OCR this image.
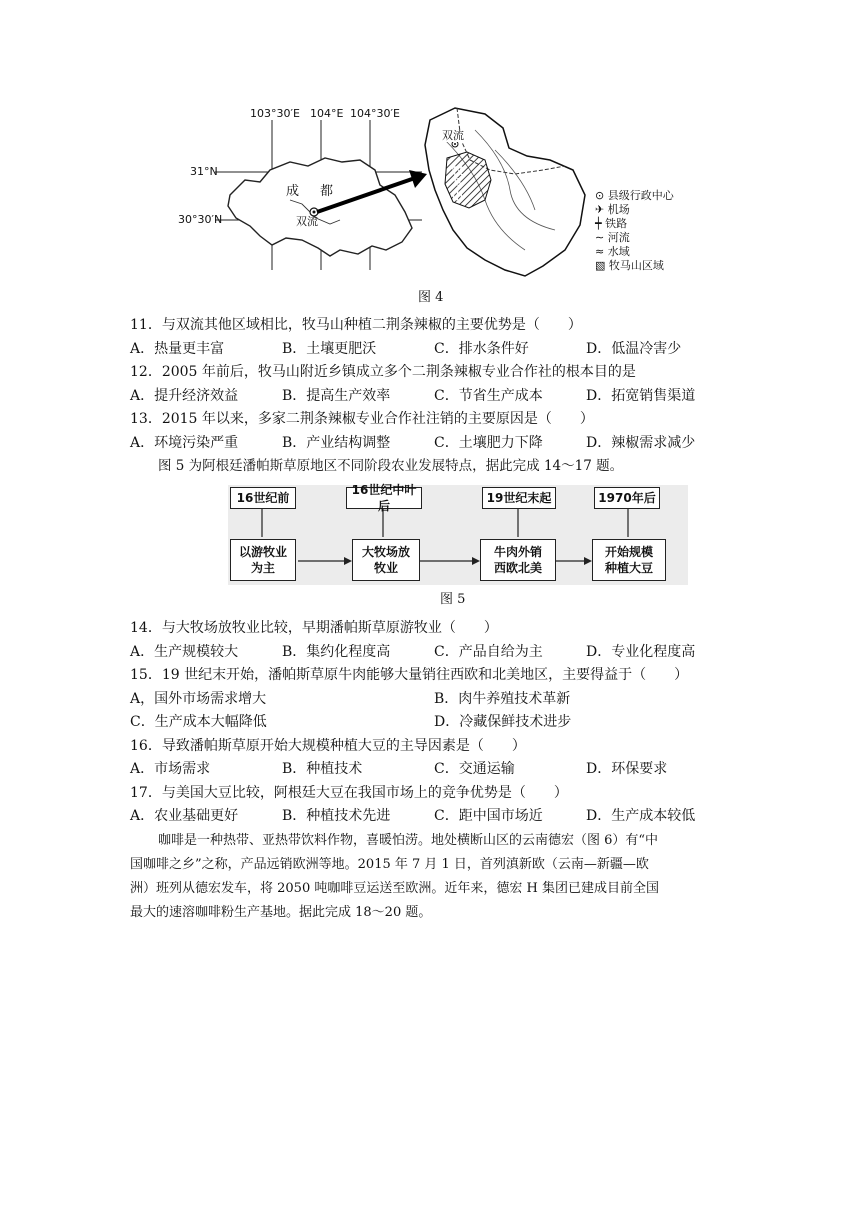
103°30′E 104°E 104°30′E
31°N
30°30′N
成 都
双流
双流
牧马山	⊙ 县级行政中心
✈ 机场
┿ 铁路
∼ 河流
≈ 水域
▧ 牧马山区域
图 4
11．与双流其他区域相比，牧马山种植二荆条辣椒的主要优势是（　　）
A．热量更丰富	B．土壤更肥沃	C．排水条件好	D．低温冷害少
12．2005 年前后，牧马山附近乡镇成立多个二荆条辣椒专业合作社的根本目的是
A．提升经济效益	B．提高生产效率	C．节省生产成本	D．拓宽销售渠道
13．2015 年以来，多家二荆条辣椒专业合作社注销的主要原因是（　　）
A．环境污染严重	B．产业结构调整	C．土壤肥力下降	D．辣椒需求减少
图 5 为阿根廷潘帕斯草原地区不同阶段农业发展特点，据此完成 14～17 题。
16世纪前
16世纪中叶后
19世纪末起	1970年后
以游牧业
为主
大牧场放
牧业
牛肉外销
西欧北美
开始规模
种植大豆
图 5
14．与大牧场放牧业比较，早期潘帕斯草原游牧业（　　）
A．生产规模较大	B．集约化程度高	C．产品自给为主	D．专业化程度高
15．19 世纪末开始，潘帕斯草原牛肉能够大量销往西欧和北美地区，主要得益于（　　）
A，国外市场需求增大	B．肉牛养殖技术革新
C．生产成本大幅降低	D．冷藏保鲜技术进步
16．导致潘帕斯草原开始大规模种植大豆的主导因素是（　　）
A．市场需求	B．种植技术	C．交通运输	D．环保要求
17．与美国大豆比较，阿根廷大豆在我国市场上的竞争优势是（　　）
A．农业基础更好	B．种植技术先进	C．距中国市场近	D．生产成本较低
咖啡是一种热带、亚热带饮料作物，喜暖怕涝。地处横断山区的云南德宏（图 6）有“中
国咖啡之乡”之称，产品远销欧洲等地。2015 年 7 月 1 日，首列滇新欧（云南—新疆—欧
洲）班列从德宏发车，将 2050 吨咖啡豆运送至欧洲。近年来，德宏 H 集团已建成目前全国
最大的速溶咖啡粉生产基地。据此完成 18～20 题。
